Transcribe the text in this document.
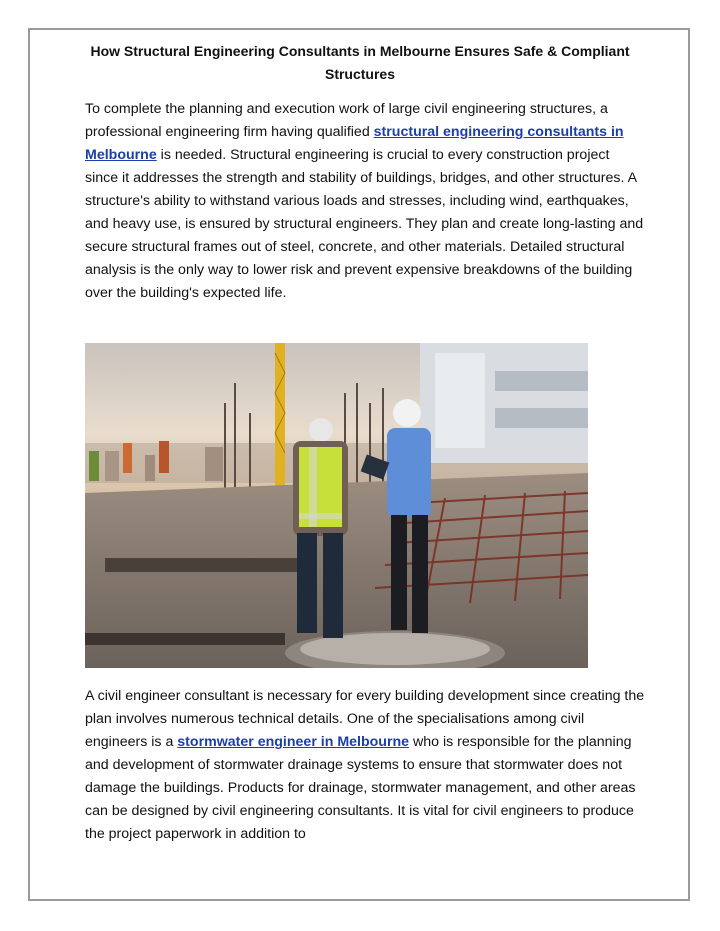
How Structural Engineering Consultants in Melbourne Ensures Safe & Compliant Structures

To complete the planning and execution work of large civil engineering structures, a professional engineering firm having qualified structural engineering consultants in Melbourne is needed. Structural engineering is crucial to every construction project since it addresses the strength and stability of buildings, bridges, and other structures. A structure's ability to withstand various loads and stresses, including wind, earthquakes, and heavy use, is ensured by structural engineers. They plan and create long-lasting and secure structural frames out of steel, concrete, and other materials. Detailed structural analysis is the only way to lower risk and prevent expensive breakdowns of the building over the building's expected life.

A civil engineer consultant is necessary for every building development since creating the plan involves numerous technical details. One of the specialisations among civil engineers is a stormwater engineer in Melbourne who is responsible for the planning and development of stormwater drainage systems to ensure that stormwater does not damage the buildings. Products for drainage, stormwater management, and other areas can be designed by civil engineering consultants. It is vital for civil engineers to produce the project paperwork in addition to
